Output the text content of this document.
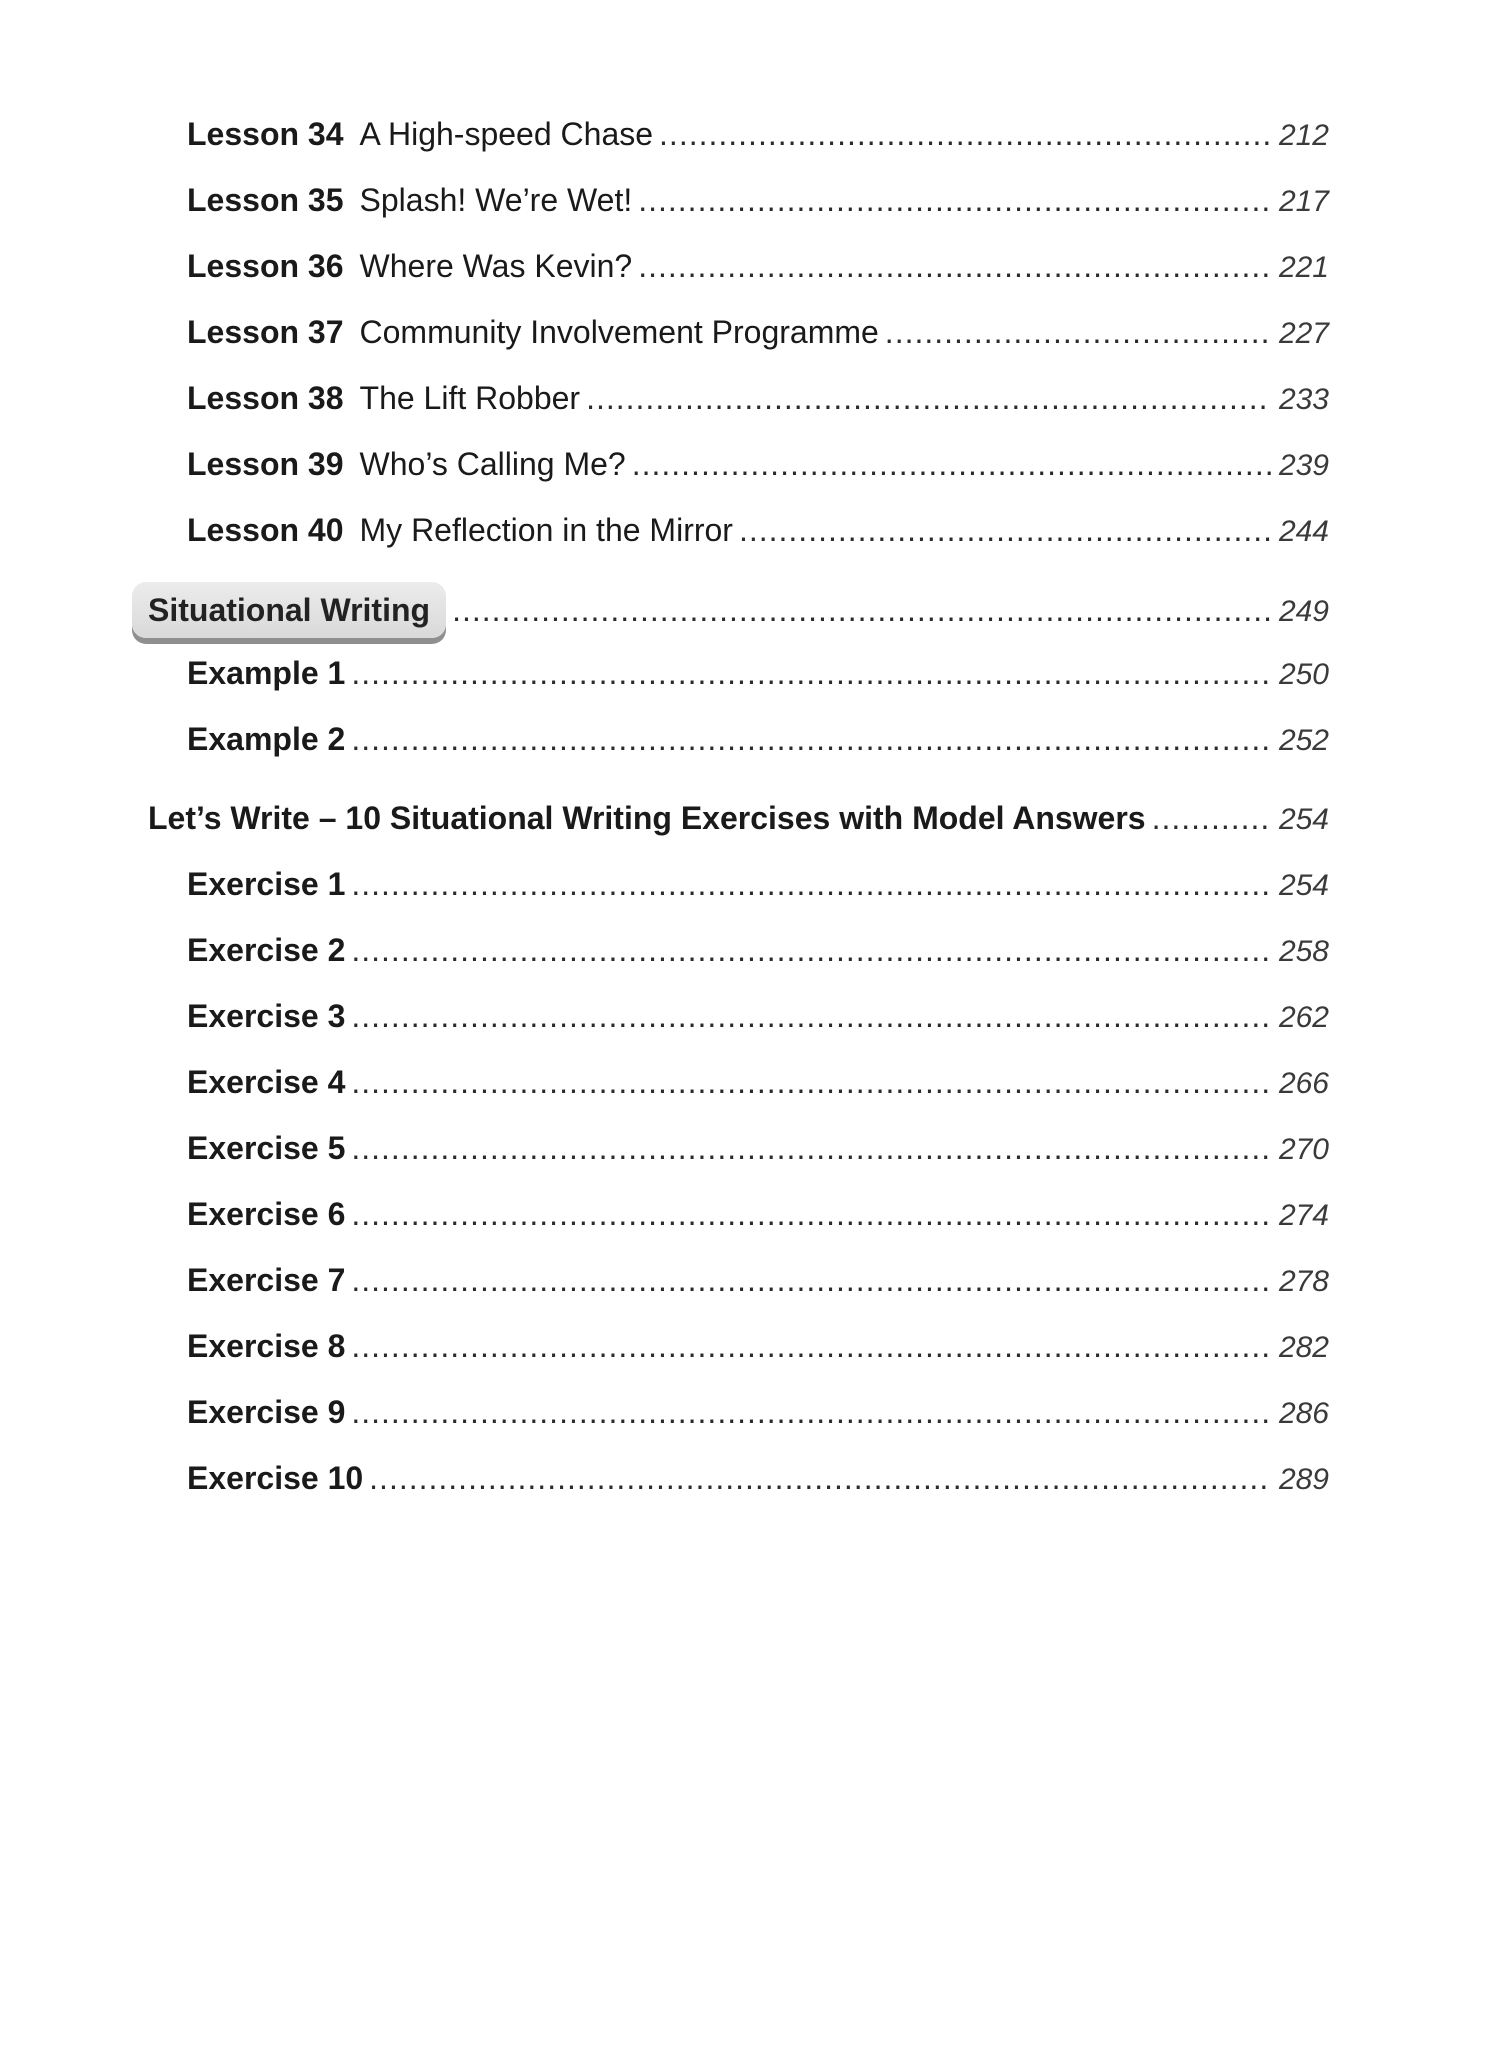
Lesson 34 A High-speed Chase .....	212
Lesson 35 Splash! We’re Wet! .....	217
Lesson 36 Where Was Kevin? .....	221
Lesson 37 Community Involvement Programme .....	227
Lesson 38 The Lift Robber .....	233
Lesson 39 Who’s Calling Me? .....	239
Lesson 40 My Reflection in the Mirror .....	244
Situational Writing .....	249
Example 1 .....	250
Example 2 .....	252
Let’s Write – 10 Situational Writing Exercises with Model Answers .....	254
Exercise 1 .....	254
Exercise 2 .....	258
Exercise 3 .....	262
Exercise 4 .....	266
Exercise 5 .....	270
Exercise 6 .....	274
Exercise 7 .....	278
Exercise 8 .....	282
Exercise 9 .....	286
Exercise 10 .....	289
